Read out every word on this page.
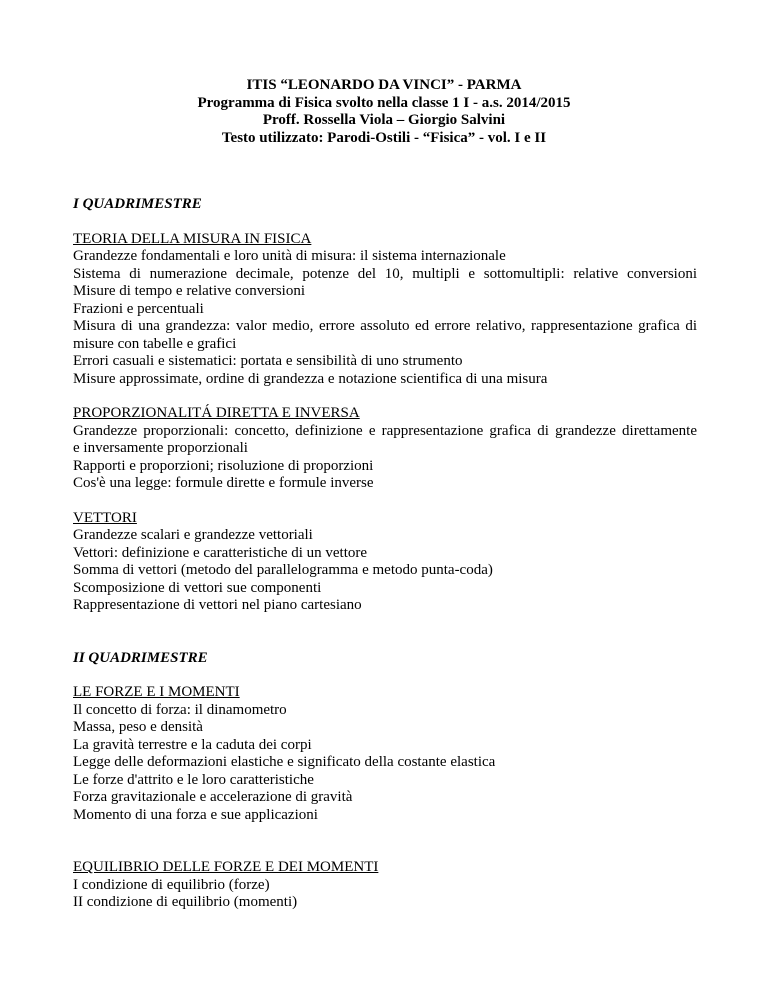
ITIS “LEONARDO DA VINCI” - PARMA
Programma di Fisica svolto nella classe 1 I - a.s. 2014/2015
Proff. Rossella Viola – Giorgio Salvini
Testo utilizzato: Parodi-Ostili - “Fisica” - vol. I e II

I QUADRIMESTRE

TEORIA DELLA MISURA IN FISICA

Grandezze fondamentali e loro unità di misura: il sistema internazionale

Sistema di numerazione decimale, potenze del 10, multipli e sottomultipli: relative conversioni

Misure di tempo e relative conversioni

Frazioni e percentuali

Misura di una grandezza: valor medio, errore assoluto ed errore relativo, rappresentazione grafica di

misure con tabelle e grafici

Errori casuali e sistematici: portata e sensibilità di uno strumento

Misure approssimate, ordine di grandezza e notazione scientifica di una misura

PROPORZIONALITÁ DIRETTA E INVERSA

Grandezze proporzionali: concetto, definizione e rappresentazione grafica di grandezze direttamente

e inversamente proporzionali

Rapporti e proporzioni; risoluzione di proporzioni

Cos'è una legge: formule dirette e formule inverse

VETTORI

Grandezze scalari e grandezze vettoriali

Vettori: definizione e caratteristiche di un vettore

Somma di vettori (metodo del parallelogramma e metodo punta-coda)

Scomposizione di vettori sue componenti

Rappresentazione di vettori nel piano cartesiano

II QUADRIMESTRE

LE FORZE E I MOMENTI

Il concetto di forza: il dinamometro

Massa, peso e densità

La gravità terrestre e la caduta dei corpi

Legge delle deformazioni elastiche e significato della costante elastica

Le forze d'attrito e le loro caratteristiche

Forza gravitazionale e accelerazione di gravità

Momento di una forza e sue applicazioni

EQUILIBRIO DELLE FORZE E DEI MOMENTI

I condizione di equilibrio (forze)

II condizione di equilibrio (momenti)
